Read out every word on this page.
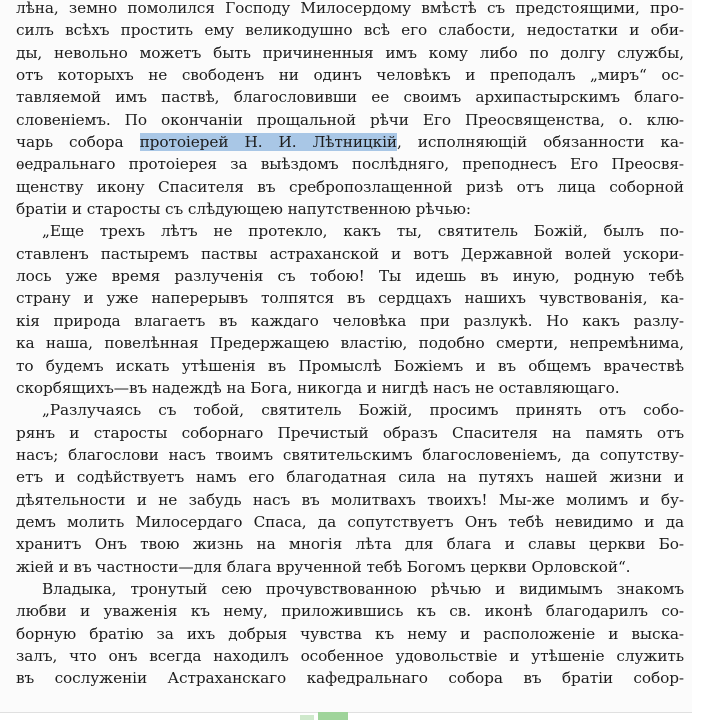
лѣна, земно помолился Господу Милосердому вмѣстѣ съ предстоящими, про-
силъ всѣхъ простить ему великодушно всѣ его слабости, недостатки и оби-
ды, невольно можетъ быть причиненныя имъ кому либо по долгу службы,
отъ которыхъ не свободенъ ни одинъ человѣкъ и преподалъ „миръ“ ос-
тавляемой имъ паствѣ, благословивши ее своимъ архипастырскимъ благо-
словеніемъ. По окончаніи прощальной рѣчи Его Преосвященства, о. клю-
чарь собора протоіерей Н. И. Лѣтницкій, исполняющій обязанности ка-
ѳедральнаго протоіерея за выѣздомъ послѣдняго, преподнесъ Его Преосвя-
щенству икону Спасителя въ сребропозлащенной ризѣ отъ лица соборной
братіи и старосты съ слѣдующею напутственною рѣчью:
„Еще трехъ лѣтъ не протекло, какъ ты, святитель Божій, былъ по-
ставленъ пастыремъ паствы астраханской и вотъ Державной волей ускори-
лось уже время разлученія съ тобою! Ты идешь въ иную, родную тебѣ
страну и уже наперерывъ толпятся въ сердцахъ нашихъ чувствованія, ка-
кія природа влагаетъ въ каждаго человѣка при разлукѣ. Но какъ разлу-
ка наша, повелѣнная Предержащею властію, подобно смерти, непремѣнима,
то будемъ искать утѣшенія въ Промыслѣ Божіемъ и въ общемъ врачествѣ
скорбящихъ—въ надеждѣ на Бога, никогда и нигдѣ насъ не оставляющаго.
„Разлучаясь съ тобой, святитель Божій, просимъ принять отъ собо-
рянъ и старосты соборнаго Пречистый образъ Спасителя на память отъ
насъ; благослови насъ твоимъ святительскимъ благословеніемъ, да сопутству-
етъ и содѣйствуетъ намъ его благодатная сила на путяхъ нашей жизни и
дѣятельности и не забудь насъ въ молитвахъ твоихъ! Мы-же молимъ и бу-
демъ молить Милосердаго Спаса, да сопутствуетъ Онъ тебѣ невидимо и да
хранитъ Онъ твою жизнь на многія лѣта для блага и славы церкви Бо-
жіей и въ частности—для блага врученной тебѣ Богомъ церкви Орловской“.
Владыка, тронутый сею прочувствованною рѣчью и видимымъ знакомъ
любви и уваженія къ нему, приложившись къ св. иконѣ благодарилъ со-
борную братію за ихъ добрыя чувства къ нему и расположеніе и выска-
залъ, что онъ всегда находилъ особенное удовольствіе и утѣшеніе служить
въ сослуженіи Астраханскаго кафедральнаго собора въ братіи собор-
